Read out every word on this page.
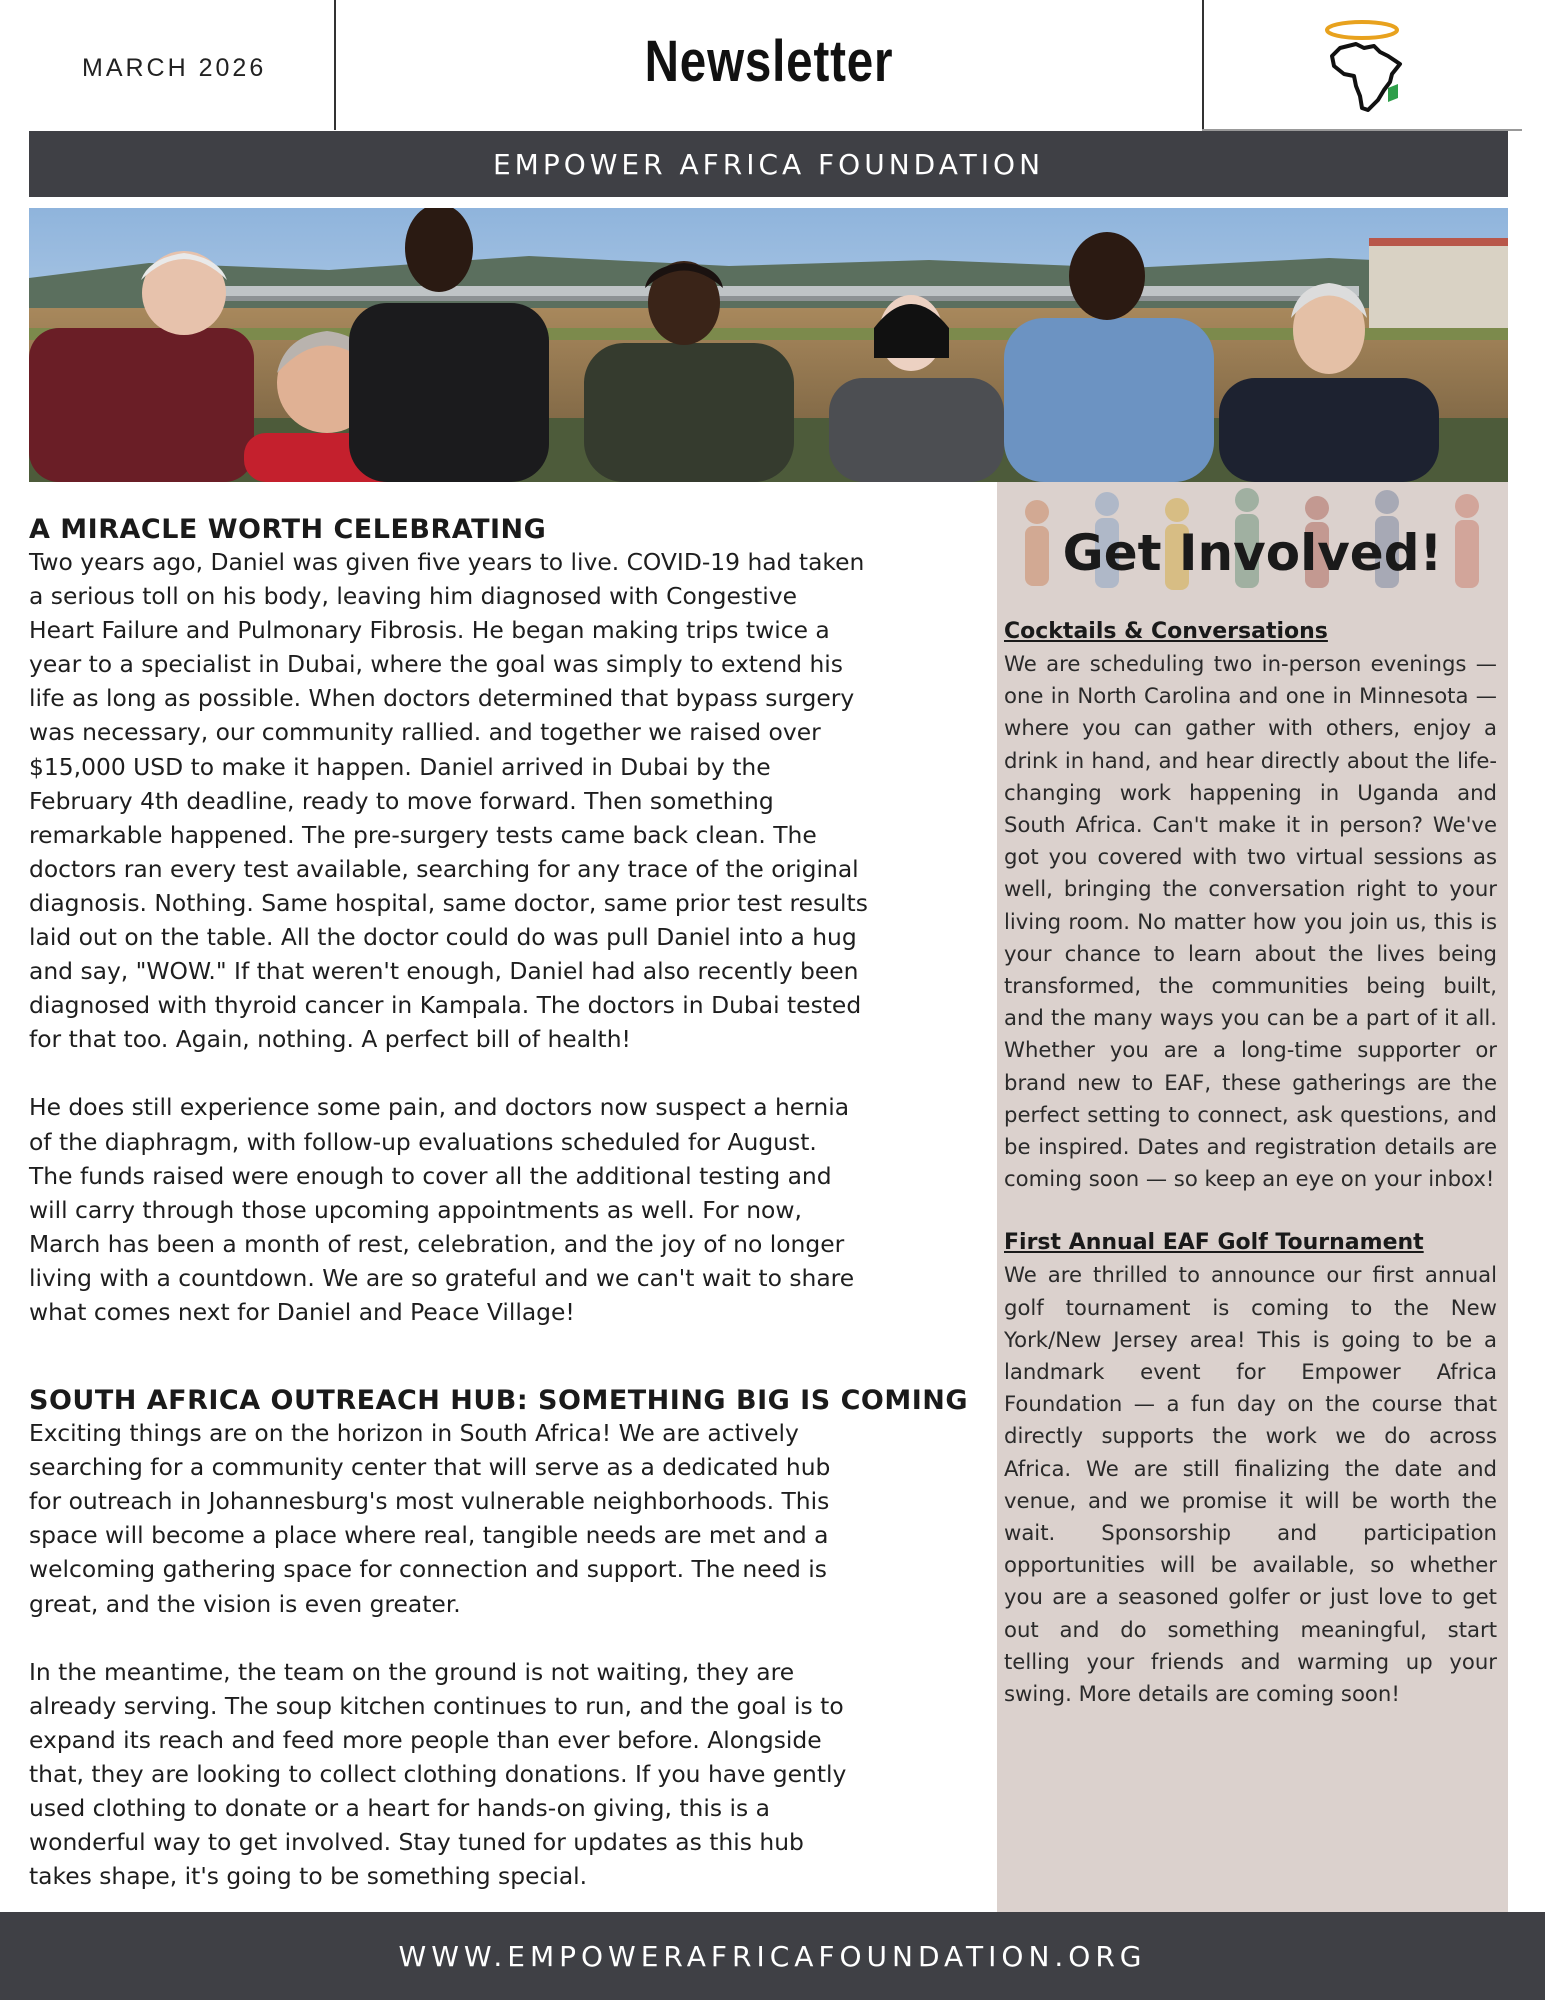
MARCH 2026	Newsletter
EMPOWER AFRICA FOUNDATION
A MIRACLE WORTH CELEBRATING

Two years ago, Daniel was given five years to live. COVID-19 had taken
a serious toll on his body, leaving him diagnosed with Congestive
Heart Failure and Pulmonary Fibrosis. He began making trips twice a
year to a specialist in Dubai, where the goal was simply to extend his
life as long as possible. When doctors determined that bypass surgery
was necessary, our community rallied. and together we raised over
$15,000 USD to make it happen. Daniel arrived in Dubai by the
February 4th deadline, ready to move forward. Then something
remarkable happened. The pre-surgery tests came back clean. The
doctors ran every test available, searching for any trace of the original
diagnosis. Nothing. Same hospital, same doctor, same prior test results
laid out on the table. All the doctor could do was pull Daniel into a hug
and say, "WOW." If that weren't enough, Daniel had also recently been
diagnosed with thyroid cancer in Kampala. The doctors in Dubai tested
for that too. Again, nothing. A perfect bill of health!

He does still experience some pain, and doctors now suspect a hernia
of the diaphragm, with follow-up evaluations scheduled for August.
The funds raised were enough to cover all the additional testing and
will carry through those upcoming appointments as well. For now,
March has been a month of rest, celebration, and the joy of no longer
living with a countdown. We are so grateful and we can't wait to share
what comes next for Daniel and Peace Village!

SOUTH AFRICA OUTREACH HUB: SOMETHING BIG IS COMING

Exciting things are on the horizon in South Africa! We are actively
searching for a community center that will serve as a dedicated hub
for outreach in Johannesburg's most vulnerable neighborhoods. This
space will become a place where real, tangible needs are met and a
welcoming gathering space for connection and support. The need is
great, and the vision is even greater.

In the meantime, the team on the ground is not waiting, they are
already serving. The soup kitchen continues to run, and the goal is to
expand its reach and feed more people than ever before. Alongside
that, they are looking to collect clothing donations. If you have gently
used clothing to donate or a heart for hands-on giving, this is a
wonderful way to get involved. Stay tuned for updates as this hub
takes shape, it's going to be something special.

Get Involved!
Cocktails & Conversations
We are scheduling two in-person evenings — one in North Carolina and one in Minnesota — where you can gather with others, enjoy a drink in hand, and hear directly about the life-changing work happening in Uganda and South Africa. Can't make it in person? We've got you covered with two virtual sessions as well, bringing the conversation right to your living room. No matter how you join us, this is your chance to learn about the lives being transformed, the communities being built, and the many ways you can be a part of it all. Whether you are a long-time supporter or brand new to EAF, these gatherings are the perfect setting to connect, ask questions, and be inspired. Dates and registration details are coming soon — so keep an eye on your inbox!
First Annual EAF Golf Tournament
We are thrilled to announce our first annual golf tournament is coming to the New York/New Jersey area! This is going to be a landmark event for Empower Africa Foundation — a fun day on the course that directly supports the work we do across Africa. We are still finalizing the date and venue, and we promise it will be worth the wait. Sponsorship and participation opportunities will be available, so whether you are a seasoned golfer or just love to get out and do something meaningful, start telling your friends and warming up your swing. More details are coming soon!
WWW.EMPOWERAFRICAFOUNDATION.ORG
